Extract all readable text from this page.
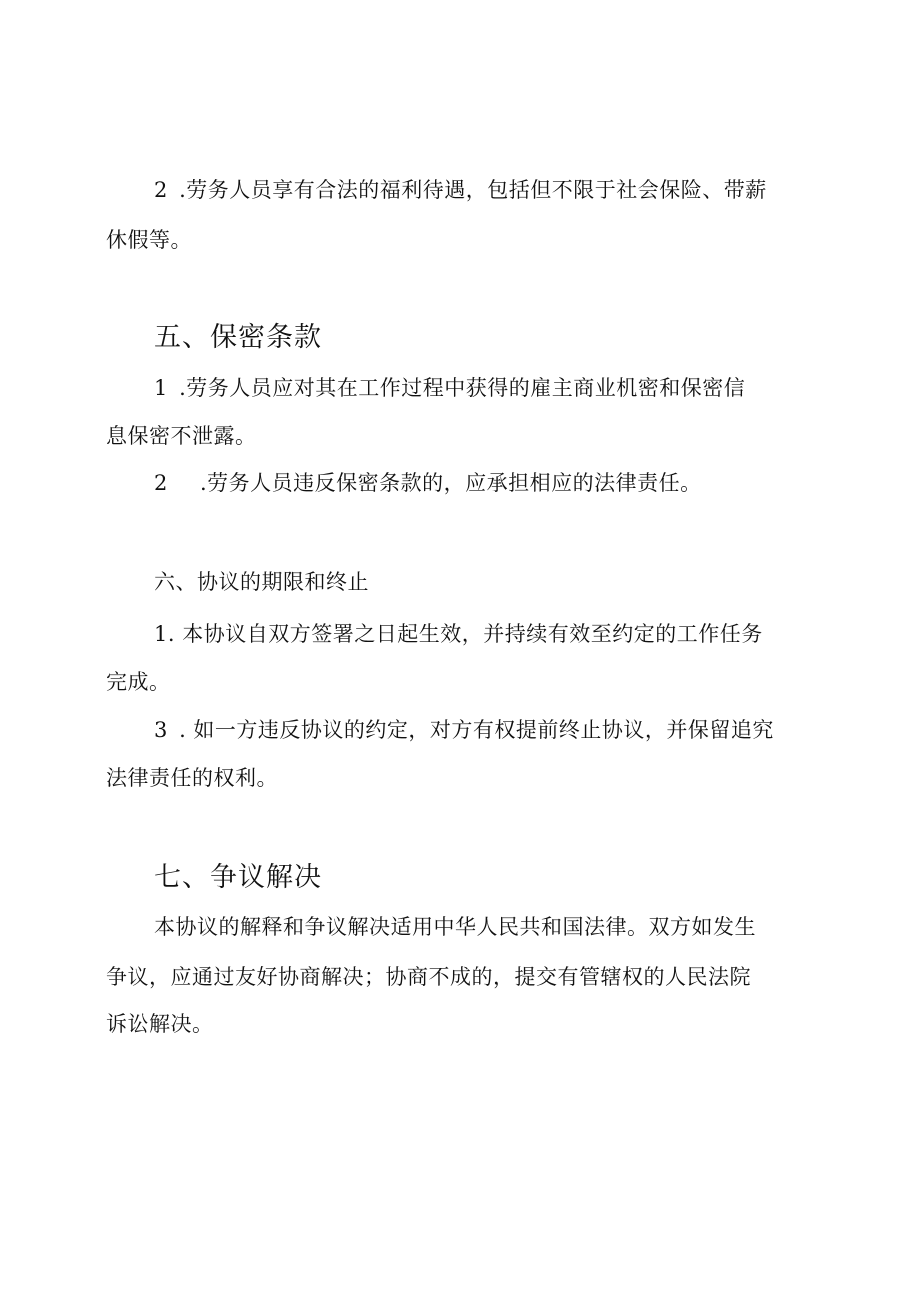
2 .劳务人员享有合法的福利待遇，包括但不限于社会保险、带薪
休假等。
五、保密条款
1 .劳务人员应对其在工作过程中获得的雇主商业机密和保密信
息保密不泄露。
2 .劳务人员违反保密条款的，应承担相应的法律责任。
六、协议的期限和终止
1. 本协议自双方签署之日起生效，并持续有效至约定的工作任务
完成。
3 . 如一方违反协议的约定，对方有权提前终止协议，并保留追究
法律责任的权利。
七、争议解决
本协议的解释和争议解决适用中华人民共和国法律。双方如发生
争议，应通过友好协商解决；协商不成的，提交有管辖权的人民法院
诉讼解决。
